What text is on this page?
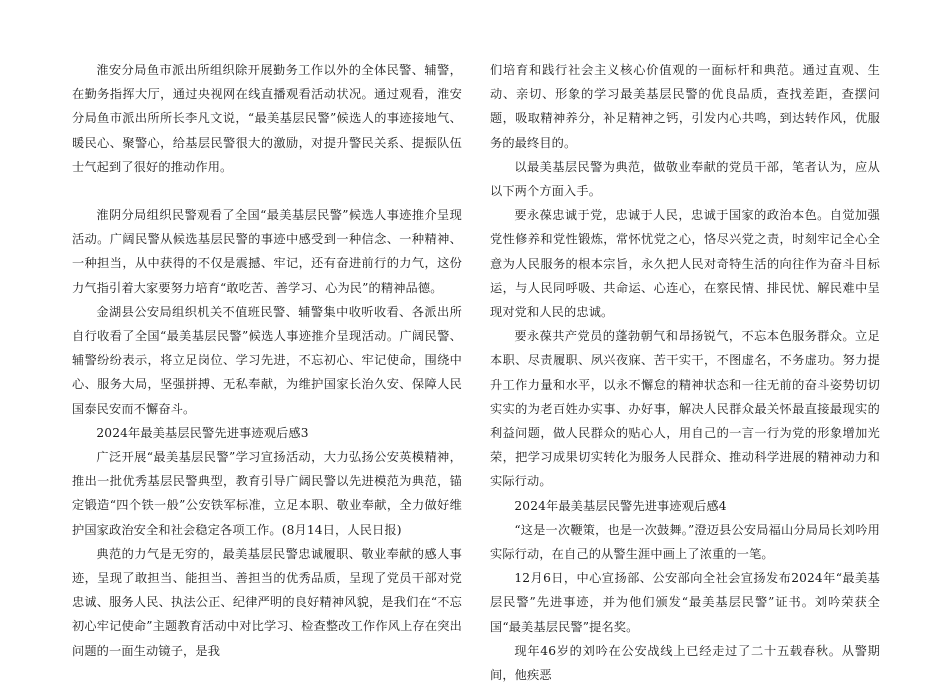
淮安分局鱼市派出所组织除开展勤务工作以外的全体民警、辅警，在勤务指挥大厅，通过央视网在线直播观看活动状况。通过观看，淮安分局鱼市派出所所长李凡文说，“最美基层民警”候选人的事迹接地气、暖民心、聚警心，给基层民警很大的激励，对提升警民关系、提振队伍士气起到了很好的推动作用。

淮阴分局组织民警观看了全国“最美基层民警”候选人事迹推介呈现活动。广阔民警从候选基层民警的事迹中感受到一种信念、一种精神、一种担当，从中获得的不仅是震撼、牢记，还有奋进前行的力气，这份力气指引着大家要努力培育“敢吃苦、善学习、心为民”的精神品德。

金湖县公安局组织机关不值班民警、辅警集中收听收看、各派出所自行收看了全国“最美基层民警”候选人事迹推介呈现活动。广阔民警、辅警纷纷表示，将立足岗位、学习先进，不忘初心、牢记使命，围绕中心、服务大局，坚强拼搏、无私奉献，为维护国家长治久安、保障人民国泰民安而不懈奋斗。

2024年最美基层民警先进事迹观后感3

广泛开展“最美基层民警”学习宣扬活动，大力弘扬公安英模精神，推出一批优秀基层民警典型，教育引导广阔民警以先进模范为典范，锚定锻造“四个铁一般”公安铁军标准，立足本职、敬业奉献，全力做好维护国家政治安全和社会稳定各项工作。(8月14日，人民日报)

典范的力气是无穷的，最美基层民警忠诚履职、敬业奉献的感人事迹，呈现了敢担当、能担当、善担当的优秀品质，呈现了党员干部对党忠诚、服务人民、执法公正、纪律严明的良好精神风貌，是我们在“不忘初心牢记使命”主题教育活动中对比学习、检查整改工作作风上存在突出问题的一面生动镜子，是我

们培育和践行社会主义核心价值观的一面标杆和典范。通过直观、生动、亲切、形象的学习最美基层民警的优良品质，查找差距，查摆问题，吸取精神养分，补足精神之钙，引发内心共鸣，到达转作风，优服务的最终目的。

以最美基层民警为典范，做敬业奉献的党员干部，笔者认为，应从以下两个方面入手。

要永葆忠诚于党，忠诚于人民，忠诚于国家的政治本色。自觉加强党性修养和党性锻炼，常怀忧党之心，恪尽兴党之责，时刻牢记全心全意为人民服务的根本宗旨，永久把人民对奇特生活的向往作为奋斗目标运，与人民同呼吸、共命运、心连心，在察民情、排民忧、解民难中呈现对党和人民的忠诚。

要永葆共产党员的蓬勃朝气和昂扬锐气，不忘本色服务群众。立足本职、尽责履职、夙兴夜寐、苦干实干，不图虚名，不务虚功。努力提升工作力量和水平，以永不懈怠的精神状态和一往无前的奋斗姿势切切实实的为老百姓办实事、办好事，解决人民群众最关怀最直接最现实的利益问题，做人民群众的贴心人，用自己的一言一行为党的形象增加光荣，把学习成果切实转化为服务人民群众、推动科学进展的精神动力和实际行动。

2024年最美基层民警先进事迹观后感4

“这是一次鞭策，也是一次鼓舞。”澄迈县公安局福山分局局长刘吟用实际行动，在自己的从警生涯中画上了浓重的一笔。

12月6日，中心宣扬部、公安部向全社会宣扬发布2024年“最美基层民警”先进事迹，并为他们颁发“最美基层民警”证书。刘吟荣获全国“最美基层民警”提名奖。

现年46岁的刘吟在公安战线上已经走过了二十五载春秋。从警期间，他疾恶
